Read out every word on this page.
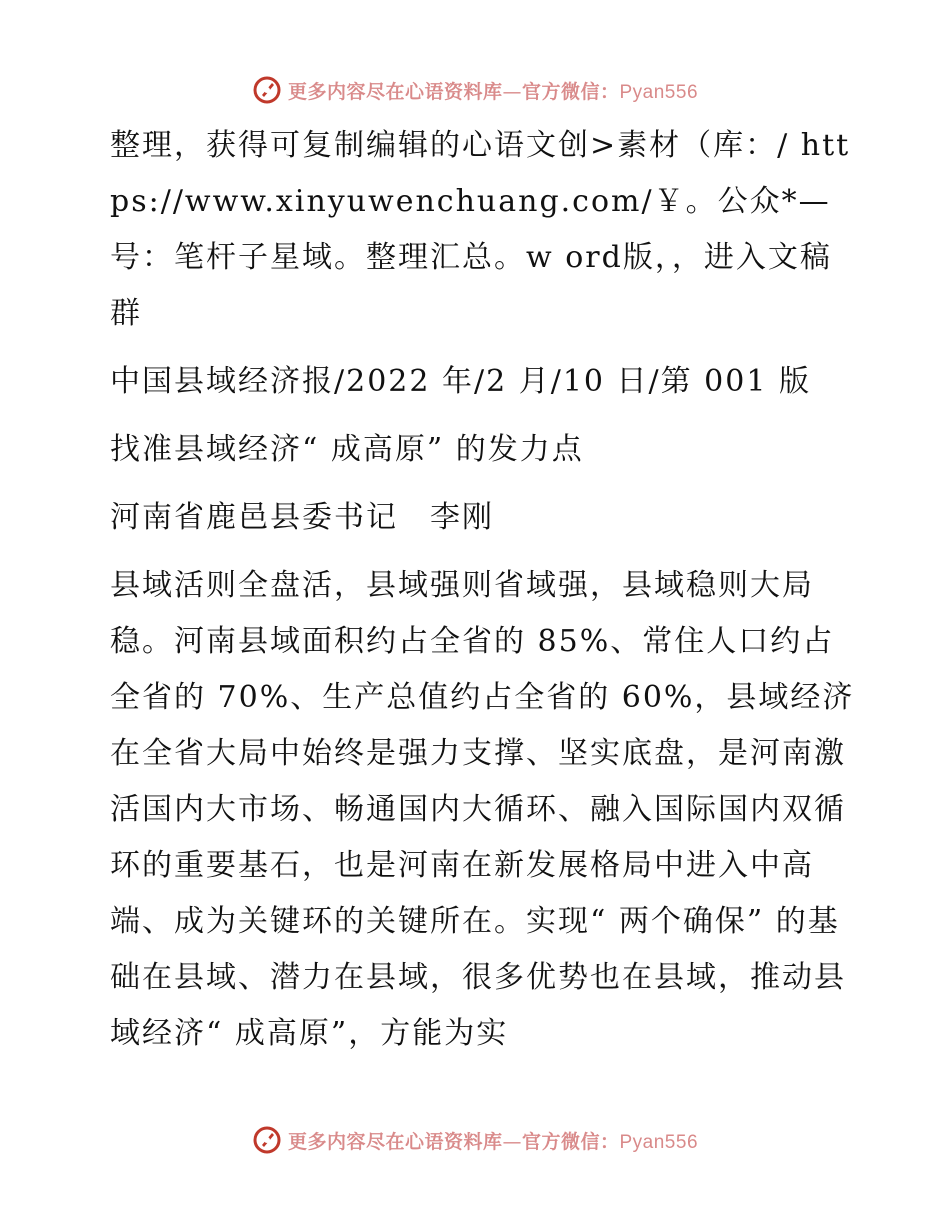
更多内容尽在心语资料库—官方微信：Pyan556

整理，获得可复制编辑的心语文创>素材（库：/ https://www.xinyuwenchuang.com/￥。公众*—号：笔杆子星域。整理汇总。w ord版，，进入文稿群

中国县域经济报/2022 年/2 月/10 日/第 001 版

找准县域经济“ 成高原” 的发力点

河南省鹿邑县委书记　李刚

县域活则全盘活，县域强则省域强，县域稳则大局稳。河南县域面积约占全省的 85%、常住人口约占全省的 70%、生产总值约占全省的 60%，县域经济在全省大局中始终是强力支撑、坚实底盘，是河南激活国内大市场、畅通国内大循环、融入国际国内双循环的重要基石，也是河南在新发展格局中进入中高端、成为关键环的关键所在。实现“ 两个确保” 的基础在县域、潜力在县域，很多优势也在县域，推动县域经济“ 成高原”，方能为实

更多内容尽在心语资料库—官方微信：Pyan556
